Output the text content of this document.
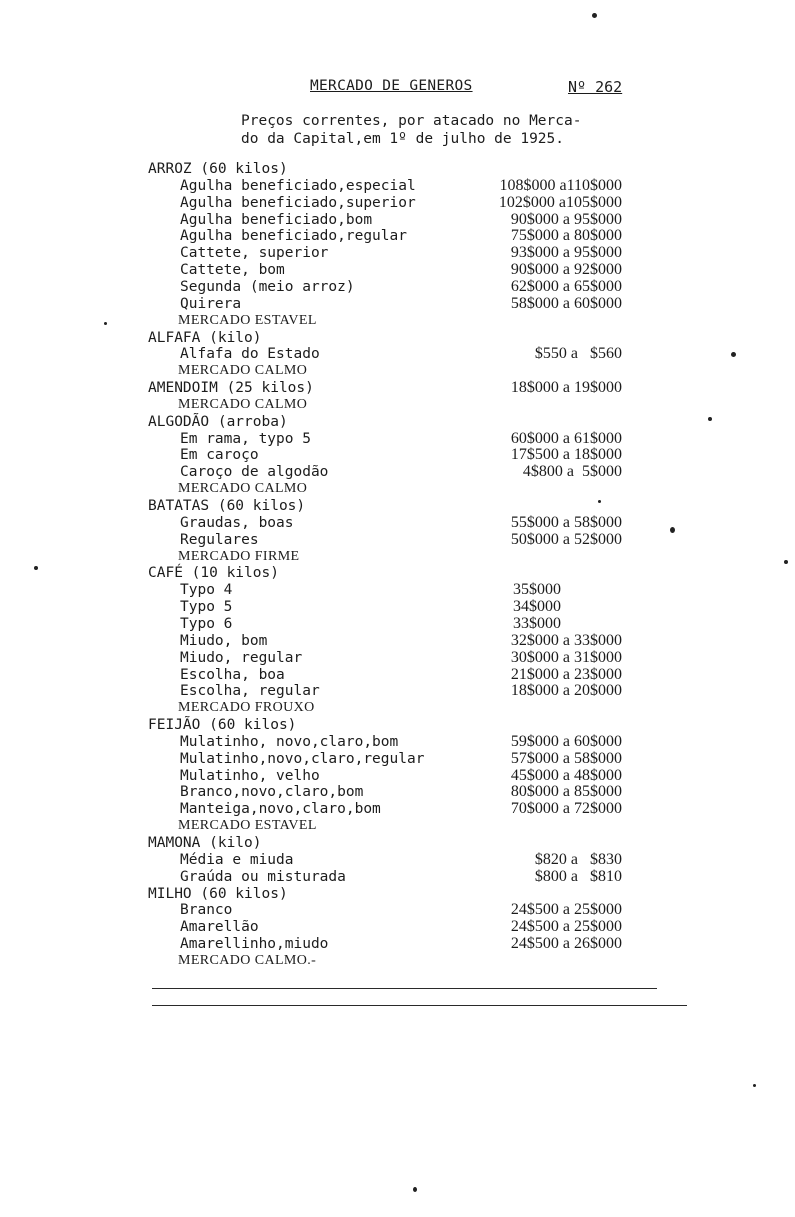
MERCADO DE GENEROS	Nº 262
Preços correntes, por atacado no Merca-
do da Capital,em 1º de julho de 1925.
ARROZ (60 kilos)
Agulha beneficiado,especial	108$000 a110$000
Agulha beneficiado,superior	102$000 a105$000
Agulha beneficiado,bom	90$000 a 95$000
Agulha beneficiado,regular	75$000 a 80$000
Cattete, superior	93$000 a 95$000
Cattete, bom	90$000 a 92$000
Segunda (meio arroz)	62$000 a 65$000
Quirera	58$000 a 60$000
MERCADO ESTAVEL
ALFAFA (kilo)
Alfafa do Estado	$550 a   $560
MERCADO CALMO
AMENDOIM (25 kilos)	18$000 a 19$000
MERCADO CALMO
ALGODÃO (arroba)
Em rama, typo 5	60$000 a 61$000
Em caroço	17$500 a 18$000
Caroço de algodão	4$800 a  5$000
MERCADO CALMO
BATATAS (60 kilos)
Graudas, boas	55$000 a 58$000
Regulares	50$000 a 52$000
MERCADO FIRME
CAFÉ (10 kilos)
Typo 4	35$000
Typo 5	34$000
Typo 6	33$000
Miudo, bom	32$000 a 33$000
Miudo, regular	30$000 a 31$000
Escolha, boa	21$000 a 23$000
Escolha, regular	18$000 a 20$000
MERCADO FROUXO
FEIJÃO (60 kilos)
Mulatinho, novo,claro,bom	59$000 a 60$000
Mulatinho,novo,claro,regular	57$000 a 58$000
Mulatinho, velho	45$000 a 48$000
Branco,novo,claro,bom	80$000 a 85$000
Manteiga,novo,claro,bom	70$000 a 72$000
MERCADO ESTAVEL
MAMONA (kilo)
Média e miuda	$820 a   $830
Graúda ou misturada	$800 a   $810
MILHO (60 kilos)
Branco	24$500 a 25$000
Amarellão	24$500 a 25$000
Amarellinho,miudo	24$500 a 26$000
MERCADO CALMO.-
